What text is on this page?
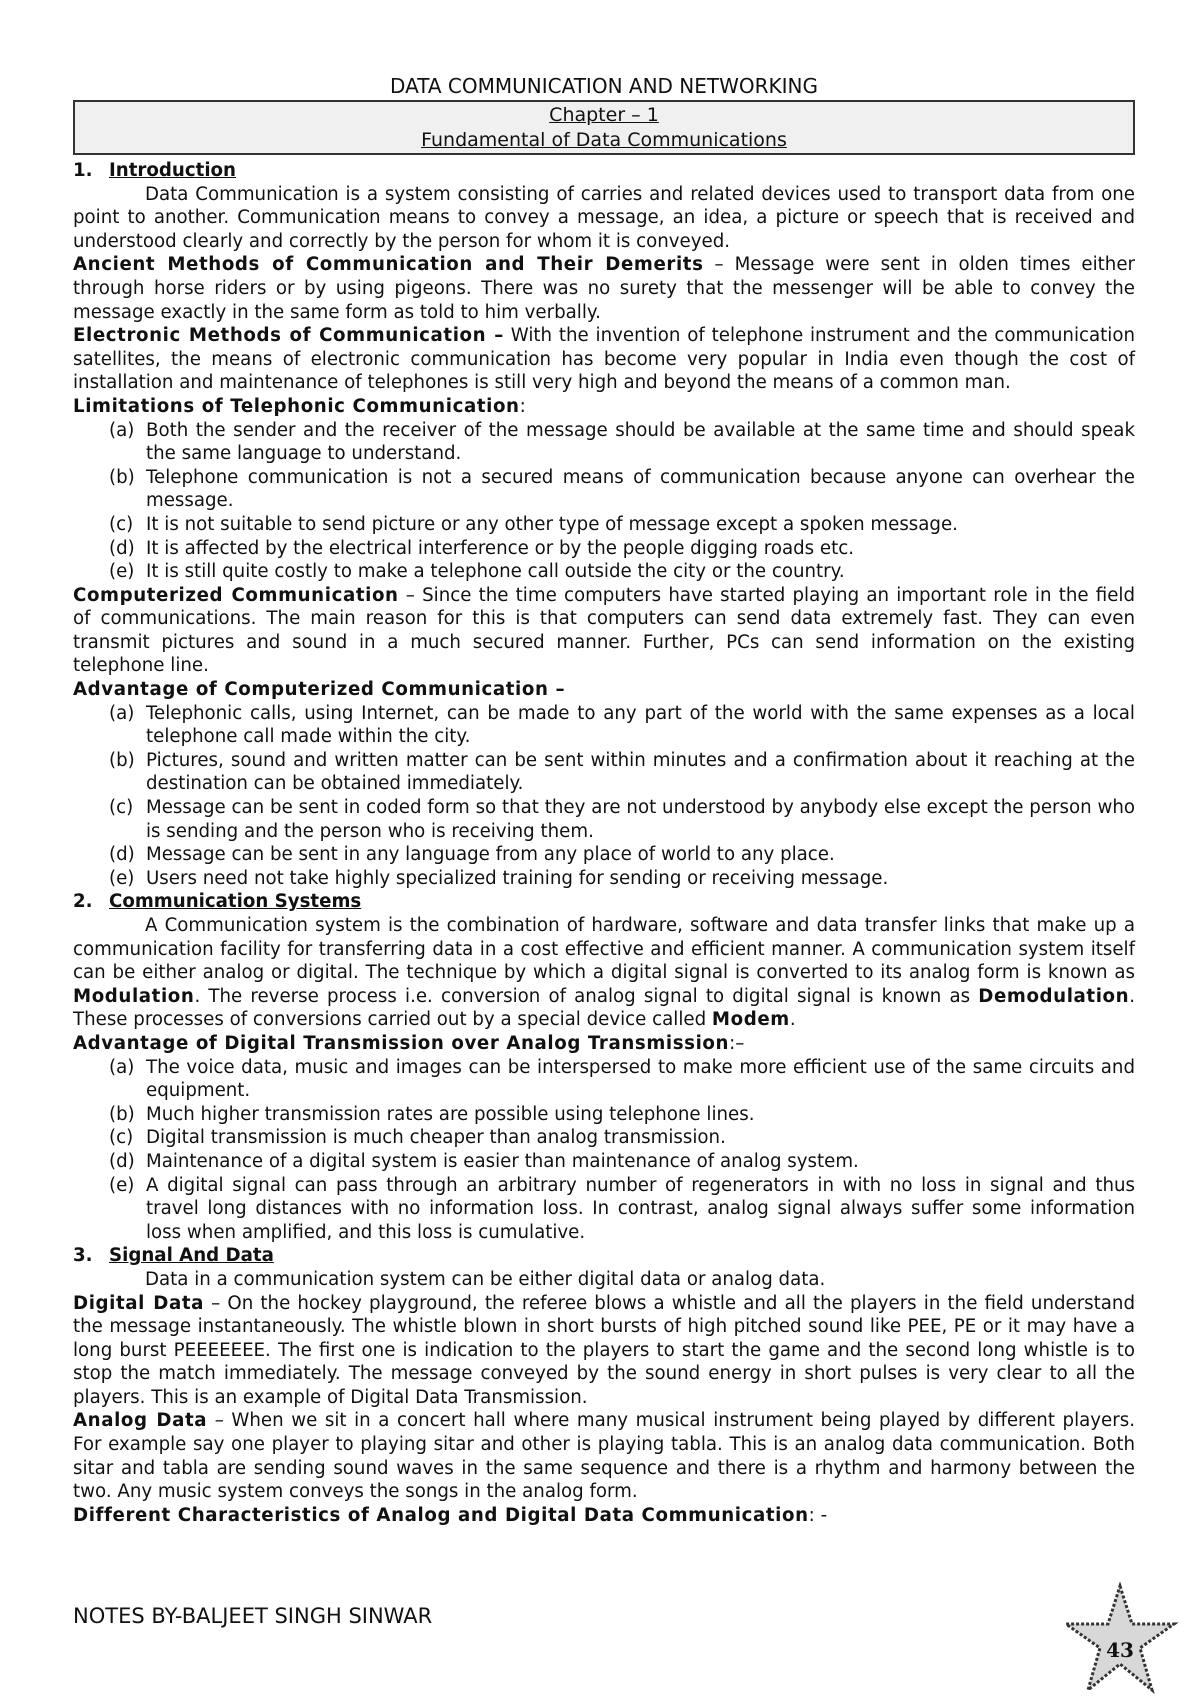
DATA COMMUNICATION AND NETWORKING

Chapter – 1
Fundamental of Data Communications

1. Introduction

Data Communication is a system consisting of carries and related devices used to transport data from one point to another. Communication means to convey a message, an idea, a picture or speech that is received and understood clearly and correctly by the person for whom it is conveyed.

Ancient Methods of Communication and Their Demerits – Message were sent in olden times either through horse riders or by using pigeons. There was no surety that the messenger will be able to convey the message exactly in the same form as told to him verbally.

Electronic Methods of Communication – With the invention of telephone instrument and the communication satellites, the means of electronic communication has become very popular in India even though the cost of installation and maintenance of telephones is still very high and beyond the means of a common man.

Limitations of Telephonic Communication:

(a) Both the sender and the receiver of the message should be available at the same time and should speak the same language to understand.
(b) Telephone communication is not a secured means of communication because anyone can overhear the message.
(c) It is not suitable to send picture or any other type of message except a spoken message.
(d) It is affected by the electrical interference or by the people digging roads etc.
(e) It is still quite costly to make a telephone call outside the city or the country.

Computerized Communication – Since the time computers have started playing an important role in the field of communications. The main reason for this is that computers can send data extremely fast. They can even transmit pictures and sound in a much secured manner. Further, PCs can send information on the existing telephone line.

Advantage of Computerized Communication –

(a) Telephonic calls, using Internet, can be made to any part of the world with the same expenses as a local telephone call made within the city.
(b) Pictures, sound and written matter can be sent within minutes and a confirmation about it reaching at the destination can be obtained immediately.
(c) Message can be sent in coded form so that they are not understood by anybody else except the person who is sending and the person who is receiving them.
(d) Message can be sent in any language from any place of world to any place.
(e) Users need not take highly specialized training for sending or receiving message.

2. Communication Systems

A Communication system is the combination of hardware, software and data transfer links that make up a communication facility for transferring data in a cost effective and efficient manner. A communication system itself can be either analog or digital. The technique by which a digital signal is converted to its analog form is known as Modulation. The reverse process i.e. conversion of analog signal to digital signal is known as Demodulation. These processes of conversions carried out by a special device called Modem.

Advantage of Digital Transmission over Analog Transmission:–

(a) The voice data, music and images can be interspersed to make more efficient use of the same circuits and equipment.
(b) Much higher transmission rates are possible using telephone lines.
(c) Digital transmission is much cheaper than analog transmission.
(d) Maintenance of a digital system is easier than maintenance of analog system.
(e) A digital signal can pass through an arbitrary number of regenerators in with no loss in signal and thus travel long distances with no information loss. In contrast, analog signal always suffer some information loss when amplified, and this loss is cumulative.

3. Signal And Data

Data in a communication system can be either digital data or analog data.

Digital Data – On the hockey playground, the referee blows a whistle and all the players in the field understand the message instantaneously. The whistle blown in short bursts of high pitched sound like PEE, PE or it may have a long burst PEEEEEEE. The first one is indication to the players to start the game and the second long whistle is to stop the match immediately. The message conveyed by the sound energy in short pulses is very clear to all the players. This is an example of Digital Data Transmission.

Analog Data – When we sit in a concert hall where many musical instrument being played by different players. For example say one player to playing sitar and other is playing tabla. This is an analog data communication. Both sitar and tabla are sending sound waves in the same sequence and there is a rhythm and harmony between the two. Any music system conveys the songs in the analog form.

Different Characteristics of Analog and Digital Data Communication: -

NOTES BY-BALJEET SINGH SINWAR
43
